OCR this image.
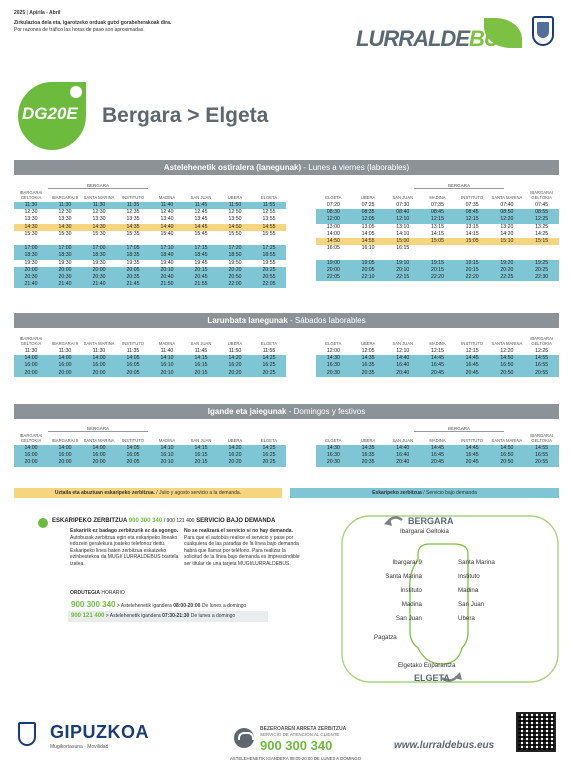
2025 | Apirila - Abril
Zirkulazioa dela eta, igarotzeko orduak gutxi gorabeherakoak dira.
Por razones de tráfico las horas de paso son aproximadas.	LURRALDEBUS
DG20E Bergara > Elgeta
Astelehenetik ostiralera (lanegunak) - Lunes a viernes (laborables)
BERGARA	BERGARA
IBARGARAI GELTOKIA	IBARGARAI 9	SANTA MARINA	INSTITUTO	MADINA	SAN JUAN	UBERA	ELGETA
11:30	11:30	11:30	11:35	11:40	11:45	11:50	11:55
12:30	12:30	12:30	12:35	12:40	12:45	12:50	12:55
13:30	13:30	13:30	13:35	13:40	13:45	13:50	13:55
14:30	14:30	14:30	14:35	14:40	14:45	14:50	14:55
15:30	15:30	15:30	15:35	15:40	15:45	15:50	15:55

17:00	17:00	17:00	17:05	17:10	17:15	17:20	17:25
18:30	18:30	18:30	18:35	18:40	18:45	18:50	18:55
19:30	19:30	19:30	19:35	19:40	19:45	19:50	19:55
20:00	20:00	20:00	20:05	20:10	20:15	20:20	20:25
20:30	20:30	20:30	20:35	20:40	20:45	20:50	20:55
21:40	21:40	21:40	21:45	21:50	21:55	22:00	22:05
ELGETA	UBERA	SAN JUAN	MADINA	INSTITUTO	SANTA MARINA	IBARGARAI GELTOKIA
07:20	07:25	07:30	07:35	07:35	07:40	07:45
08:30	08:35	08:40	08:45	08:45	08:50	08:55
12:00	12:05	12:10	12:15	12:15	12:20	12:25
13:00	13:05	13:10	13:15	13:15	13:20	13:25
14:00	14:05	14:10	14:15	14:15	14:20	14:25
14:50	14:55	15:00	15:05	15:05	15:10	15:15
16:05	16:10	16:15				

19:00	19:05	19:10	19:15	19:15	19:20	19:25
20:00	20:05	20:10	20:15	20:15	20:20	20:25
22:05	22:10	22:15	22:20	22:20	22:25	22:30
Larunbata lanegunak - Sábados laborables
IBARGARAI GELTOKIA	IBARGARAI 9	SANTA MARINA	INSTITUTO	MADINA	SAN JUAN	UBERA	ELGETA
11:30	11:30	11:30	11:35	11:40	11:45	11:50	11:55
14:00	14:00	14:00	14:05	14:10	14:15	14:20	14:25
16:00	16:00	16:00	16:05	16:10	16:15	16:20	16:25
20:00	20:00	20:00	20:05	20:10	20:15	20:20	20:25
ELGETA	UBERA	SAN JUAN	MADINA	INSTITUTO	SANTA MARINA	IBARGARAI GELTOKIA
12:00	12:05	12:10	12:15	12:15	12:20	12:25
14:30	14:35	14:40	14:45	14:45	14:50	14:55
16:30	16:35	16:40	16:45	16:45	16:50	16:55
20:30	20:35	20:40	20:45	20:45	20:50	20:55
Igande eta jaiegunak - Domingos y festivos
BERGARA	BERGARA
IBARGARAI GELTOKIA	IBARGARAI 9	SANTA MARINA	INSTITUTO	MADINA	SAN JUAN	UBERA	ELGETA
14:00	14:00	14:00	14:05	14:10	14:15	14:20	14:25
16:00	16:00	16:00	16:05	16:10	16:15	16:20	16:25
20:00	20:00	20:00	20:05	20:10	20:15	20:20	20:25
ELGETA	UBERA	SAN JUAN	MADINA	INSTITUTO	SANTA MARINA	IBARGARAI GELTOKIA
14:30	14:35	14:40	14:45	14:45	14:50	14:55
16:30	16:35	16:40	16:45	16:45	16:50	16:55
20:30	20:35	20:40	20:45	20:45	20:50	20:55
Uztaila eta abuztuan eskaripeko zerbitzua. / Julio y agosto servicio a la demanda.	Eskaripeko zerbitzua / Servicio bajo demanda
ESKARIPEKO ZERBITZUA 900 300 340 / 900 121 400 SERVICIO BAJO DEMANDA
Eskaririk ez badago zerbitzurik ez da egongo. Autobusak zerbitzua egin eta eskaripeko lineako edozein geralekura joateko telefonoz deitu. Eskaripeko linea baten zerbitzua eskatzeko ezinbestekoa da MUGI/ LURRALDEBUS txartela izatea.
No se realizará el servicio si no hay demanda. Para que el autobús realice el servicio y pase por cualquiera de las paradas de la línea bajo demanda habrá que llamar por teléfono. Para realizar la solicitud de la línea bajo demanda es imprescindible ser titular de una tarjeta MUGI/LURRALDEBUS.
ORDUTEGIA HORARIO
900 300 340 > Astelehenetik igandera 08:00-20:00 De lunes a domingo
900 121 400 > Astelehenetik igandera 07:30-21:30 De lunes a domingo
BERGARA
Ibargarai Geltokia
Ibargarai 9
Santa Marina
Instituto
Madina
San Juan
Santa Marina
Instituto
Madina
San Juan
Ubera
Pagatza
Elgetako Enparantza
ELGETA
GIPUZKOA
Mugikortasuna · Movilidad
BEZEROAREN ARRETA ZERBITZUA
SERVICIO DE ATENCIÓN AL CLIENTE
900 300 340
ASTELEHENETIK IGANDERA 08:00-20:00 DE LUNES A DOMINGO
www.lurraldebus.eus
